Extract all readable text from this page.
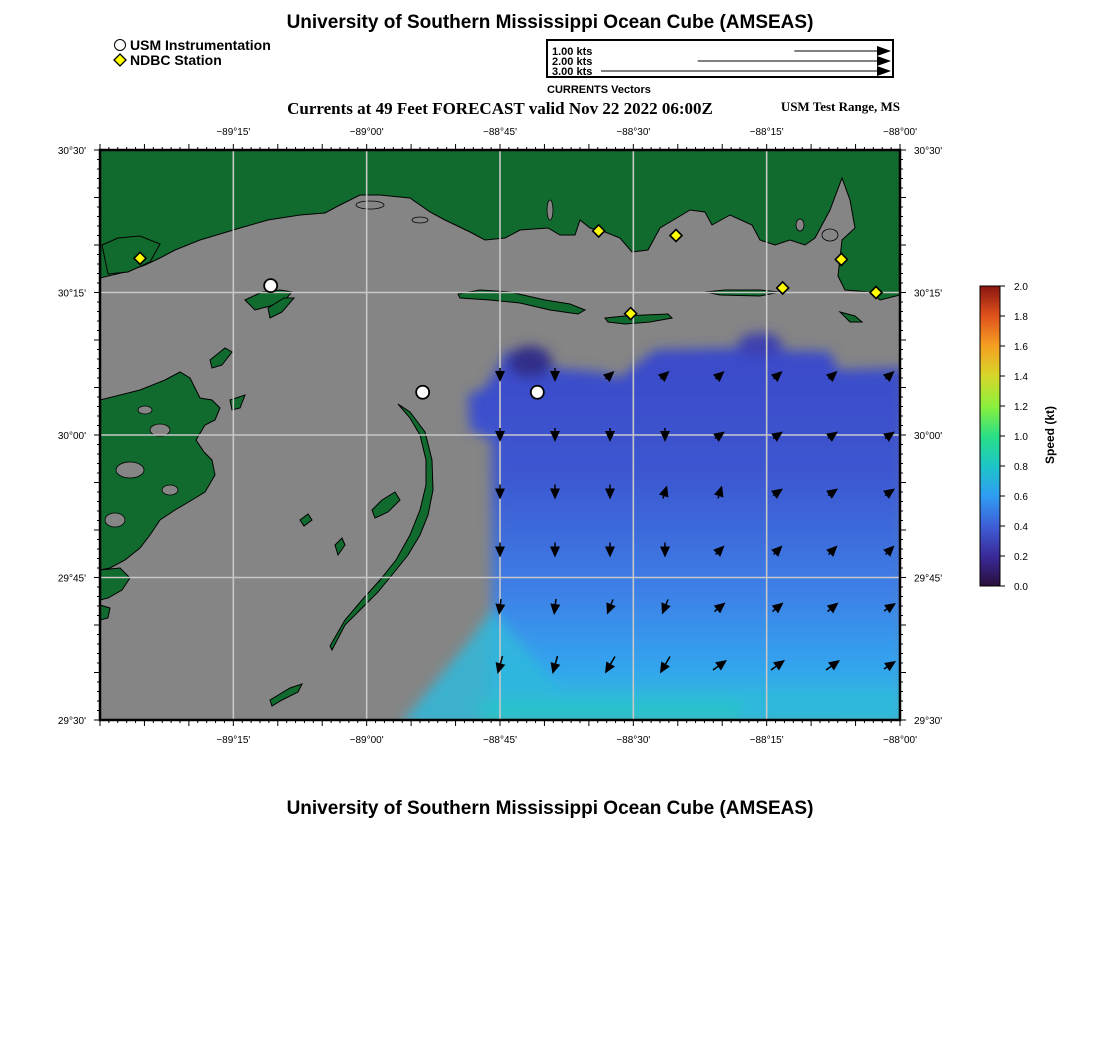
University of Southern Mississippi Ocean Cube (AMSEAS)
USM Instrumentation
NDBC Station	1.00 kts
2.00 kts
3.00 kts
CURRENTS Vectors
Currents at 49 Feet FORECAST valid Nov 22 2022 06:00Z	USM Test Range, MS
−89°15'
−89°15'
−89°00'
−89°00'
−88°45'
−88°45'
−88°30'
−88°30'
−88°15'
−88°15'
−88°00'
−88°00'
30°30'	30°30'
30°15'	30°15'
30°00'	30°00'
29°45'	29°45'
29°30'	29°30'
0.0
0.2
0.4
0.6
0.8
1.0
1.2
1.4
1.6
1.8
2.0
Speed (kt)
University of Southern Mississippi Ocean Cube (AMSEAS)
